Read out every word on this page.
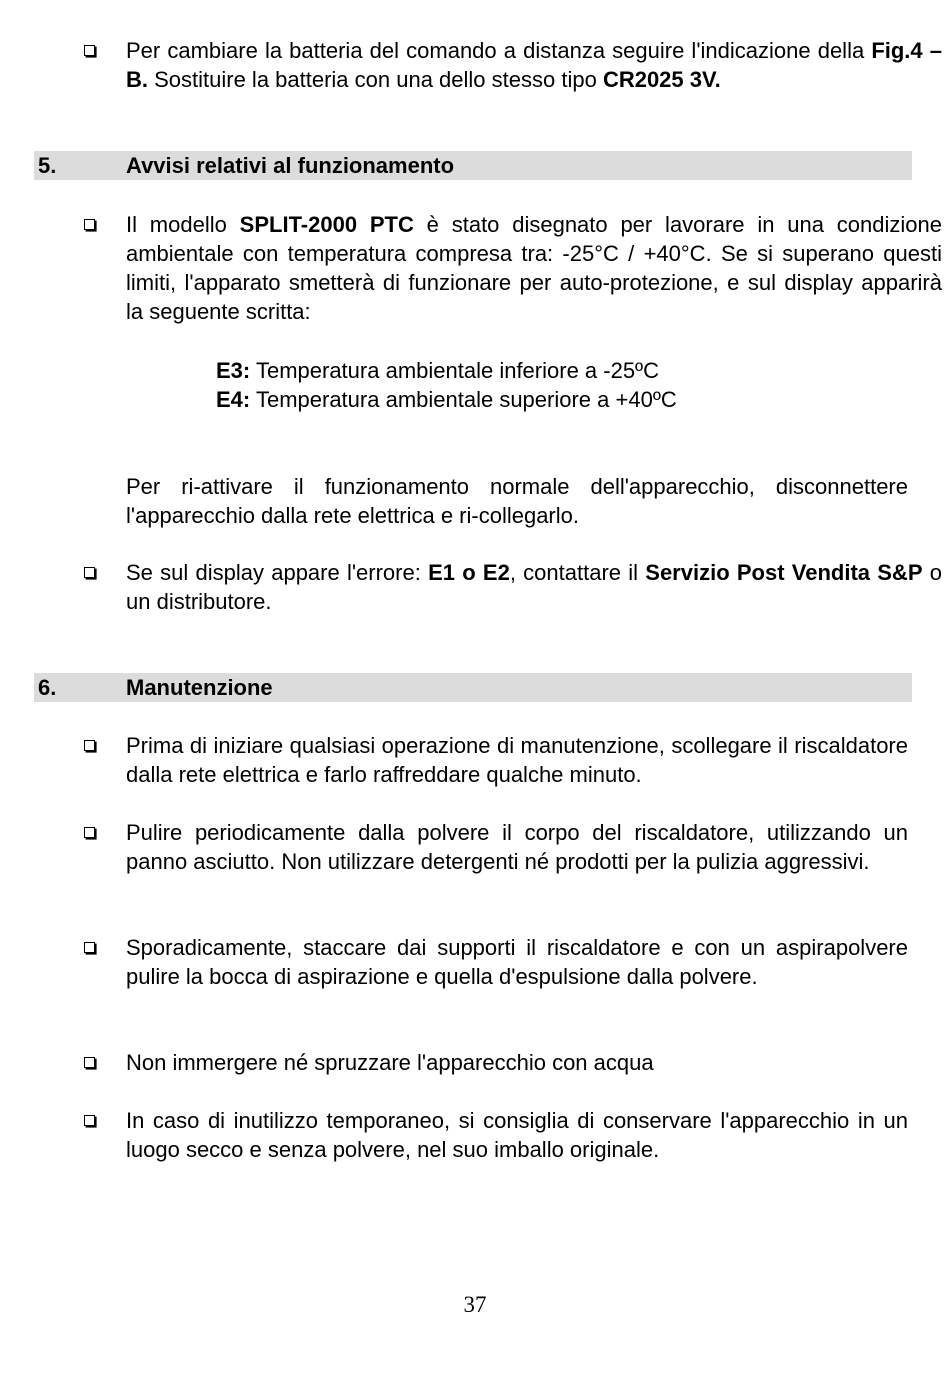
Per cambiare la batteria del comando a distanza seguire l'indicazione della Fig.4 – B. Sostituire la batteria con una dello stesso tipo CR2025 3V.
5.	Avvisi relativi al funzionamento
Il modello SPLIT-2000 PTC è stato disegnato per lavorare in una condizione ambientale con temperatura compresa tra: -25°C / +40°C. Se si superano questi limiti, l'apparato smetterà di funzionare per auto-protezione, e sul display apparirà la seguente scritta:
E3: Temperatura ambientale inferiore a -25ºC
E4: Temperatura ambientale superiore a +40ºC
Per ri-attivare il funzionamento normale dell'apparecchio, disconnettere l'apparecchio dalla rete elettrica e ri-collegarlo.
Se sul display appare l'errore: E1 o E2, contattare il Servizio Post Vendita S&P o un distributore.
6.	Manutenzione
Prima di iniziare qualsiasi operazione di manutenzione, scollegare il riscaldatore dalla rete elettrica e farlo raffreddare qualche minuto.
Pulire periodicamente dalla polvere il corpo del riscaldatore, utilizzando un panno asciutto. Non utilizzare detergenti né prodotti per la pulizia aggressivi.
Sporadicamente, staccare dai supporti il riscaldatore e con un aspirapolvere pulire la bocca di aspirazione e quella d'espulsione dalla polvere.
Non immergere né spruzzare l'apparecchio con acqua
In caso di inutilizzo temporaneo, si consiglia di conservare l'apparecchio in un luogo secco e senza polvere, nel suo imballo originale.
37
